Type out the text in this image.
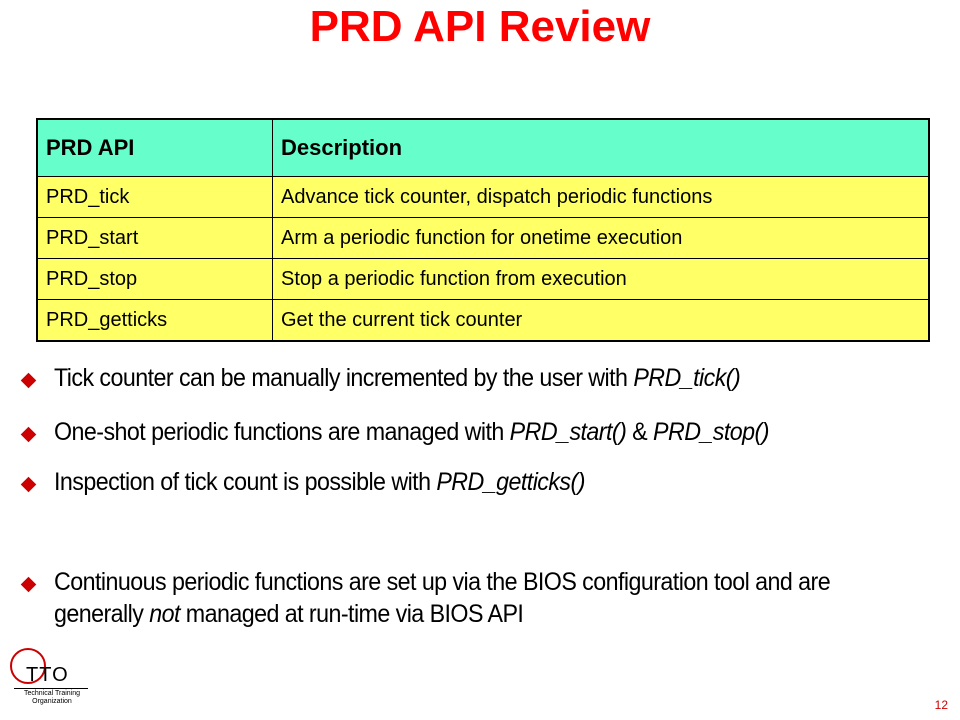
PRD API Review
PRD API	Description
PRD_tick	Advance tick counter, dispatch periodic functions
PRD_start	Arm a periodic function for onetime execution
PRD_stop	Stop a periodic function from execution
PRD_getticks	Get the current tick counter
Tick counter can be manually incremented by the user with PRD_tick()
One-shot periodic functions are managed with PRD_start() & PRD_stop()
Inspection of tick count is possible with PRD_getticks()
Continuous periodic functions are set up via the BIOS configuration tool and are generally not managed at run-time via BIOS API
TTO
Technical Training
Organization	12
